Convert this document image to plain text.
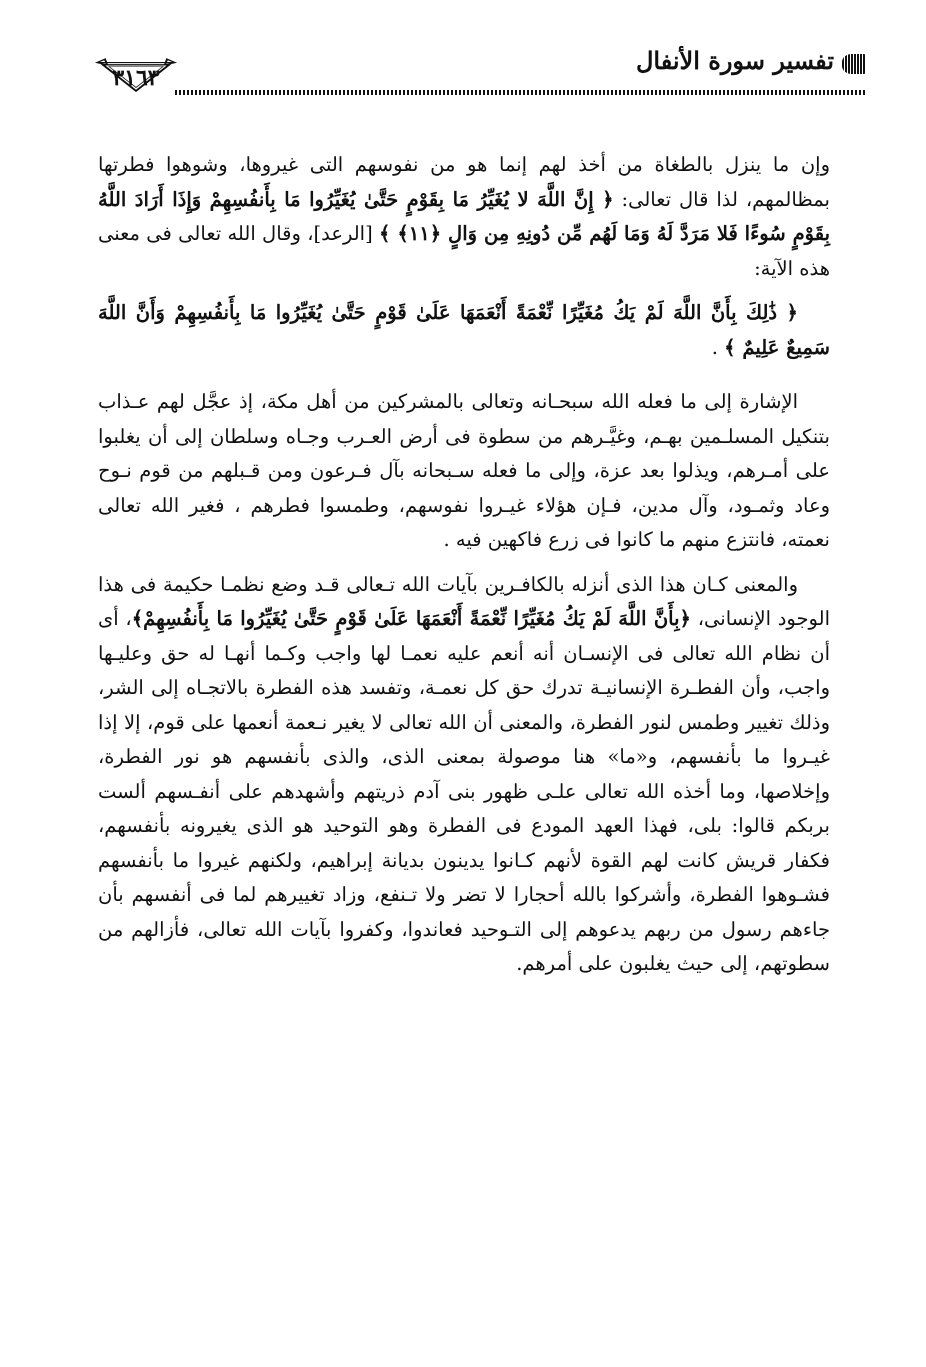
٣١٦٣
تفسير سورة الأنفال

وإن ما ينزل بالطغاة من أخذ لهم إنما هو من نفوسهم التى غيروها، وشوهوا فطرتها بمظالمهم، لذا قال تعالى: ﴿ إِنَّ اللَّهَ لا يُغَيِّرُ مَا بِقَوْمٍ حَتَّىٰ يُغَيِّرُوا مَا بِأَنفُسِهِمْ وَإِذَا أَرَادَ اللَّهُ بِقَوْمٍ سُوءًا فَلا مَرَدَّ لَهُ وَمَا لَهُم مِّن دُونِهِ مِن وَالٍ ﴿١١﴾ ﴾ [الرعد]، وقال الله تعالى فى معنى هذه الآية:

﴿ ذَٰلِكَ بِأَنَّ اللَّهَ لَمْ يَكُ مُغَيِّرًا نِّعْمَةً أَنْعَمَهَا عَلَىٰ قَوْمٍ حَتَّىٰ يُغَيِّرُوا مَا بِأَنفُسِهِمْ وَأَنَّ اللَّهَ سَمِيعٌ عَلِيمٌ ﴾ .

الإشارة إلى ما فعله الله سبحـانه وتعالى بالمشركين من أهل مكة، إذ عجَّل لهم عـذاب بتنكيل المسلـمين بهـم، وغيَّـرهم من سطوة فى أرض العـرب وجـاه وسلطان إلى أن يغلبوا على أمـرهم، ويذلوا بعد عزة، وإلى ما فعله سـبحانه بآل فـرعون ومن قـبلهم من قوم نـوح وعاد وثمـود، وآل مدين، فـإن هؤلاء غيـروا نفوسهم، وطمسوا فطرهم ، فغير الله تعالى نعمته، فانتزع منهم ما كانوا فى زرع فاكهين فيه .

والمعنى كـان هذا الذى أنزله بالكافـرين بآيات الله تـعالى قـد وضع نظمـا حكيمة فى هذا الوجود الإنسانى، ﴿بِأَنَّ اللَّهَ لَمْ يَكُ مُغَيِّرًا نِّعْمَةً أَنْعَمَهَا عَلَىٰ قَوْمٍ حَتَّىٰ يُغَيِّرُوا مَا بِأَنفُسِهِمْ﴾، أى أن نظام الله تعالى فى الإنسـان أنه أنعم عليه نعمـا لها واجب وكـما أنهـا له حق وعليـها واجب، وأن الفطـرة الإنسانيـة تدرك حق كل نعمـة، وتفسد هذه الفطرة بالاتجـاه إلى الشر، وذلك تغيير وطمس لنور الفطرة، والمعنى أن الله تعالى لا يغير نـعمة أنعمها على قوم، إلا إذا غيـروا ما بأنفسهم، و«ما» هنا موصولة بمعنى الذى، والذى بأنفسهم هو نور الفطرة، وإخلاصها، وما أخذه الله تعالى علـى ظهور بنى آدم ذريتهم وأشهدهم على أنفـسهم ألست بربكم قالوا: بلى، فهذا العهد المودع فى الفطرة وهو التوحيد هو الذى يغيرونه بأنفسهم، فكفار قريش كانت لهم القوة لأنهم كـانوا يدينون بديانة إبراهيم، ولكنهم غيروا ما بأنفسهم فشـوهوا الفطرة، وأشركوا بالله أحجارا لا تضر ولا تـنفع، وزاد تغييرهم لما فى أنفسهم بأن جاءهم رسول من ربهم يدعوهم إلى التـوحيد فعاندوا، وكفروا بآيات الله تعالى، فأزالهم من سطوتهم، إلى حيث يغلبون على أمرهم.
